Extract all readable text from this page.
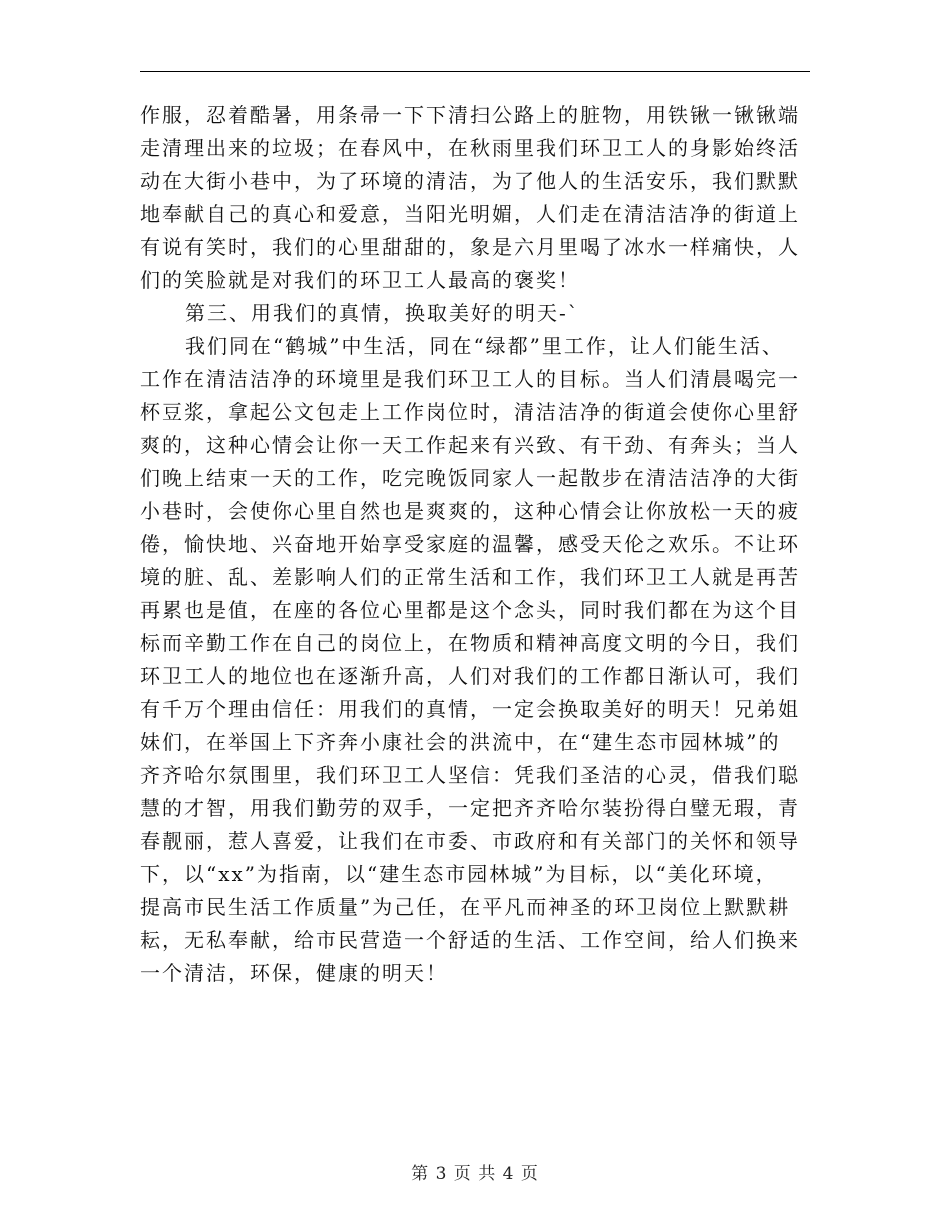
作服，忍着酷暑，用条帚一下下清扫公路上的脏物，用铁锹一锹锹端
走清理出来的垃圾；在春风中，在秋雨里我们环卫工人的身影始终活
动在大街小巷中，为了环境的清洁，为了他人的生活安乐，我们默默
地奉献自己的真心和爱意，当阳光明媚，人们走在清洁洁净的街道上
有说有笑时，我们的心里甜甜的，象是六月里喝了冰水一样痛快，人
们的笑脸就是对我们的环卫工人最高的褒奖！
第三、用我们的真情，换取美好的明天-`
我们同在“鹤城”中生活，同在“绿都”里工作，让人们能生活、
工作在清洁洁净的环境里是我们环卫工人的目标。当人们清晨喝完一
杯豆浆，拿起公文包走上工作岗位时，清洁洁净的街道会使你心里舒
爽的，这种心情会让你一天工作起来有兴致、有干劲、有奔头；当人
们晚上结束一天的工作，吃完晚饭同家人一起散步在清洁洁净的大街
小巷时，会使你心里自然也是爽爽的，这种心情会让你放松一天的疲
倦，愉快地、兴奋地开始享受家庭的温馨，感受天伦之欢乐。不让环
境的脏、乱、差影响人们的正常生活和工作，我们环卫工人就是再苦
再累也是值，在座的各位心里都是这个念头，同时我们都在为这个目
标而辛勤工作在自己的岗位上，在物质和精神高度文明的今日，我们
环卫工人的地位也在逐渐升高，人们对我们的工作都日渐认可，我们
有千万个理由信任：用我们的真情，一定会换取美好的明天！兄弟姐
妹们，在举国上下齐奔小康社会的洪流中，在“建生态市园林城”的
齐齐哈尔氛围里，我们环卫工人坚信：凭我们圣洁的心灵，借我们聪
慧的才智，用我们勤劳的双手，一定把齐齐哈尔装扮得白璧无瑕，青
春靓丽，惹人喜爱，让我们在市委、市政府和有关部门的关怀和领导
下，以“xx”为指南，以“建生态市园林城”为目标，以“美化环境，
提高市民生活工作质量”为己任，在平凡而神圣的环卫岗位上默默耕
耘，无私奉献，给市民营造一个舒适的生活、工作空间，给人们换来
一个清洁，环保，健康的明天！
第 3 页 共 4 页
